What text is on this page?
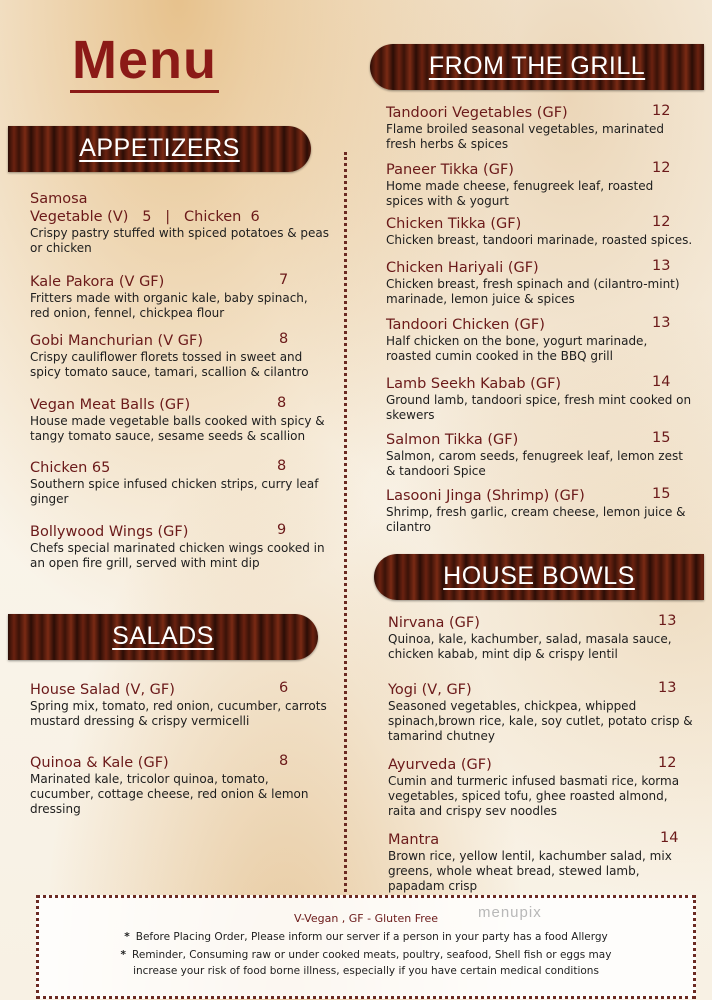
Menu
APPETIZERS
FROM THE GRILL
SALADS
HOUSE BOWLS
Samosa
Vegetable (V)   5   |   Chicken  6
Crispy pastry stuffed with spiced potatoes & peas or chicken
Kale Pakora (V GF)	7
Fritters made with organic kale, baby spinach, red onion, fennel, chickpea flour
Gobi Manchurian (V GF)	8
Crispy cauliflower florets tossed in sweet and spicy tomato sauce, tamari, scallion & cilantro
Vegan Meat Balls (GF)	8
House made vegetable balls cooked with spicy & tangy tomato sauce, sesame seeds & scallion
Chicken 65	8
Southern spice infused chicken strips, curry leaf ginger
Bollywood Wings (GF)	9
Chefs special marinated chicken wings cooked in an open fire grill, served with mint dip
House Salad (V, GF)	6
Spring mix, tomato, red onion, cucumber, carrots mustard dressing & crispy vermicelli
Quinoa & Kale (GF)	8
Marinated kale, tricolor quinoa, tomato, cucumber, cottage cheese, red onion & lemon dressing
Tandoori Vegetables (GF)	12
Flame broiled seasonal vegetables, marinated fresh herbs & spices
Paneer Tikka (GF)	12
Home made cheese, fenugreek leaf, roasted spices with & yogurt
Chicken Tikka (GF)	12
Chicken breast, tandoori marinade, roasted spices.
Chicken Hariyali (GF)	13
Chicken breast, fresh spinach and (cilantro-mint) marinade, lemon juice & spices
Tandoori Chicken (GF)	13
Half chicken on the bone, yogurt marinade, roasted cumin cooked in the BBQ grill
Lamb Seekh Kabab (GF)	14
Ground lamb, tandoori spice, fresh mint cooked on skewers
Salmon Tikka (GF)	15
Salmon, carom seeds, fenugreek leaf, lemon zest & tandoori Spice
Lasooni Jinga (Shrimp) (GF)	15
Shrimp, fresh garlic, cream cheese, lemon juice & cilantro
Nirvana (GF)	13
Quinoa, kale, kachumber, salad, masala sauce, chicken kabab, mint dip & crispy lentil
Yogi (V, GF)	13
Seasoned vegetables, chickpea, whipped spinach,brown rice, kale, soy cutlet, potato crisp & tamarind chutney
Ayurveda (GF)	12
Cumin and turmeric infused basmati rice, korma vegetables, spiced tofu, ghee roasted almond, raita and crispy sev noodles
Mantra	14
Brown rice, yellow lentil, kachumber salad, mix greens, whole wheat bread, stewed lamb, papadam crisp
V-Vegan , GF - Gluten Free
* Before Placing Order, Please inform our server if a person in your party has a food Allergy
* Reminder, Consuming raw or under cooked meats, poultry, seafood, Shell fish or eggs may
increase your risk of food borne illness, especially if you have certain medical conditions
menupix
